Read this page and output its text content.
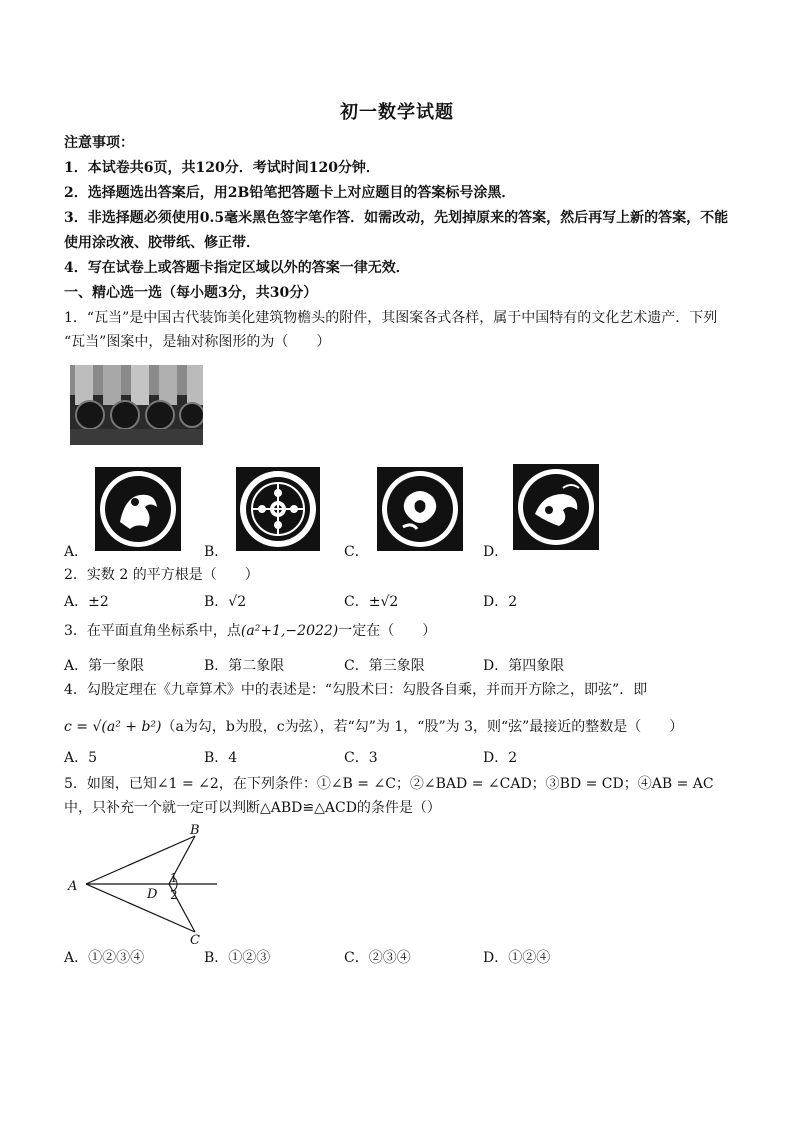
初一数学试题
注意事项：
1．本试卷共6页，共120分．考试时间120分钟．
2．选择题选出答案后，用2B铅笔把答题卡上对应题目的答案标号涂黑．
3．非选择题必须使用0.5毫米黑色签字笔作答．如需改动，先划掉原来的答案，然后再写上新的答案，不能
使用涂改液、胶带纸、修正带．
4．写在试卷上或答题卡指定区域以外的答案一律无效．
一、精心选一选（每小题3分，共30分）
1．“瓦当”是中国古代装饰美化建筑物檐头的附件，其图案各式各样，属于中国特有的文化艺术遗产．下列
“瓦当”图案中，是轴对称图形的为（　　）
A．	B．	C．	D．
2．实数 2 的平方根是（　　）
A．±2	B．√2	C．±√2	D．2
3．在平面直角坐标系中，点(a²+1,−2022)一定在（　　）
A．第一象限	B．第二象限	C．第三象限	D．第四象限
4．勾股定理在《九章算术》中的表述是：“勾股术曰：勾股各自乘，并而开方除之，即弦”．即
c = √(a² + b²)（a为勾，b为股，c为弦），若“勾”为 1，“股”为 3，则“弦”最接近的整数是（　　）
A．5	B．4	C．3	D．2
5．如图，已知∠1 = ∠2，在下列条件：①∠B = ∠C；②∠BAD = ∠CAD；③BD = CD；④AB = AC
中，只补充一个就一定可以判断△ABD≌△ACD的条件是（）
A
B
C
D
1
2
A．①②③④	B．①②③	C．②③④	D．①②④
